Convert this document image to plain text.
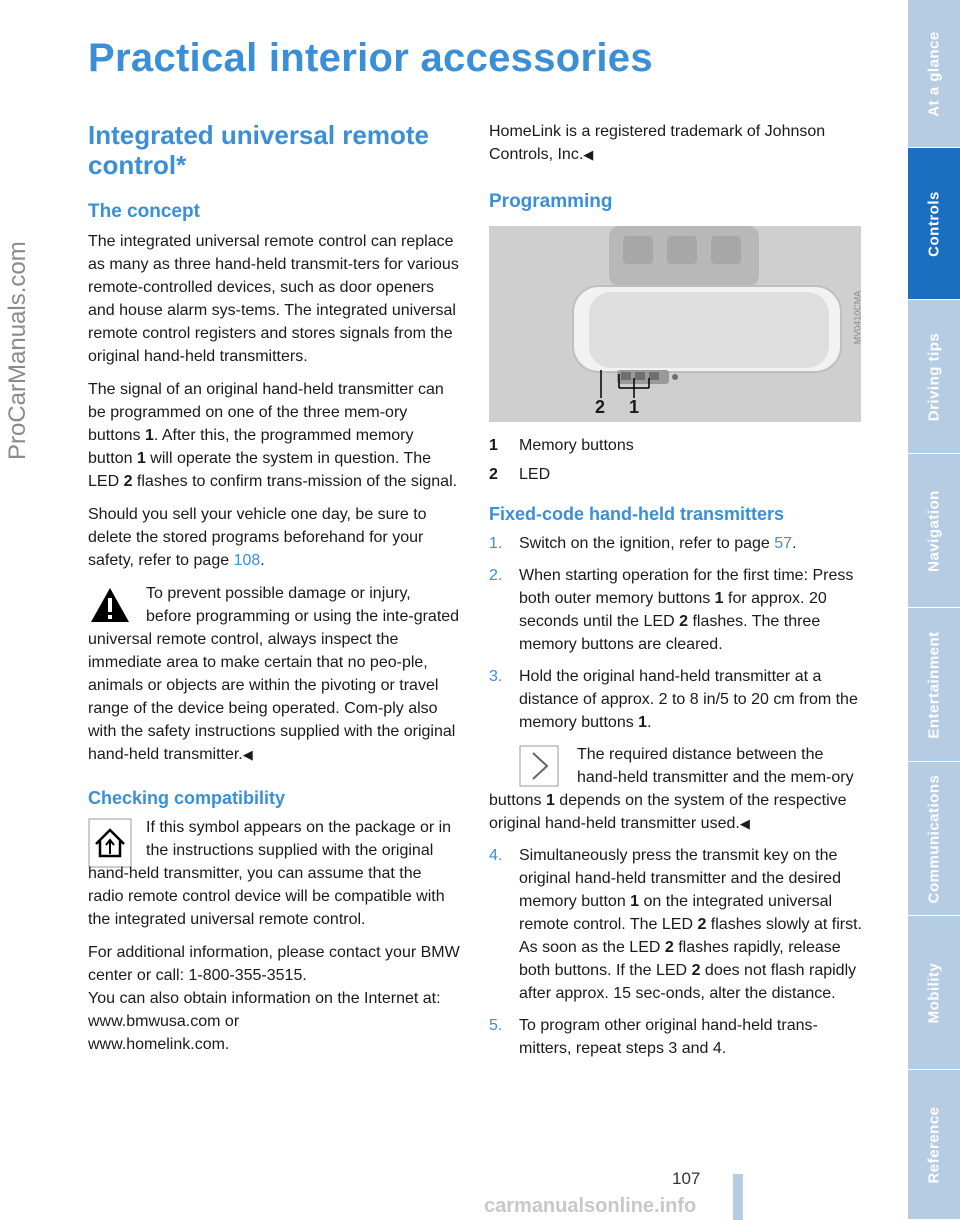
Practical interior accessories
ProCarManuals.com
Integrated universal remote control*
The concept

The integrated universal remote control can replace as many as three hand-held transmit-ters for various remote-controlled devices, such as door openers and house alarm sys-tems. The integrated universal remote control registers and stores signals from the original hand-held transmitters.

The signal of an original hand-held transmitter can be programmed on one of the three mem-ory buttons 1. After this, the programmed memory button 1 will operate the system in question. The LED 2 flashes to confirm trans-mission of the signal.

Should you sell your vehicle one day, be sure to delete the stored programs beforehand for your safety, refer to page 108.

To prevent possible damage or injury, before programming or using the inte-grated universal remote control, always inspect the immediate area to make certain that no peo-ple, animals or objects are within the pivoting or travel range of the device being operated. Com-ply also with the safety instructions supplied with the original hand-held transmitter.◀
Checking compatibility
If this symbol appears on the package or in the instructions supplied with the original hand-held transmitter, you can assume that the radio remote control device will be compatible with the integrated universal remote control.

For additional information, please contact your BMW center or call: 1-800-355-3515.

You can also obtain information on the Internet at:

www.bmwusa.com or

www.homelink.com.

HomeLink is a registered trademark of Johnson Controls, Inc.◀

Programming
2 1
MV0410CMA
1 Memory buttons
2 LED
Fixed-code hand-held transmitters
1. Switch on the ignition, refer to page 57.
2. When starting operation for the first time: Press both outer memory buttons 1 for approx. 20 seconds until the LED 2 flashes. The three memory buttons are cleared.
3. Hold the original hand-held transmitter at a distance of approx. 2 to 8 in/5 to 20 cm from the memory buttons 1.
The required distance between the hand-held transmitter and the mem-ory buttons 1 depends on the system of the respective original hand-held transmitter used.◀
4. Simultaneously press the transmit key on the original hand-held transmitter and the desired memory button 1 on the integrated universal remote control. The LED 2 flashes slowly at first. As soon as the LED 2 flashes rapidly, release both buttons. If the LED 2 does not flash rapidly after approx. 15 sec-onds, alter the distance.
5. To program other original hand-held trans-mitters, repeat steps 3 and 4.
At a glance
Controls
Driving tips
Navigation
Entertainment
Communications
Mobility
Reference
107
carmanualsonline.info
